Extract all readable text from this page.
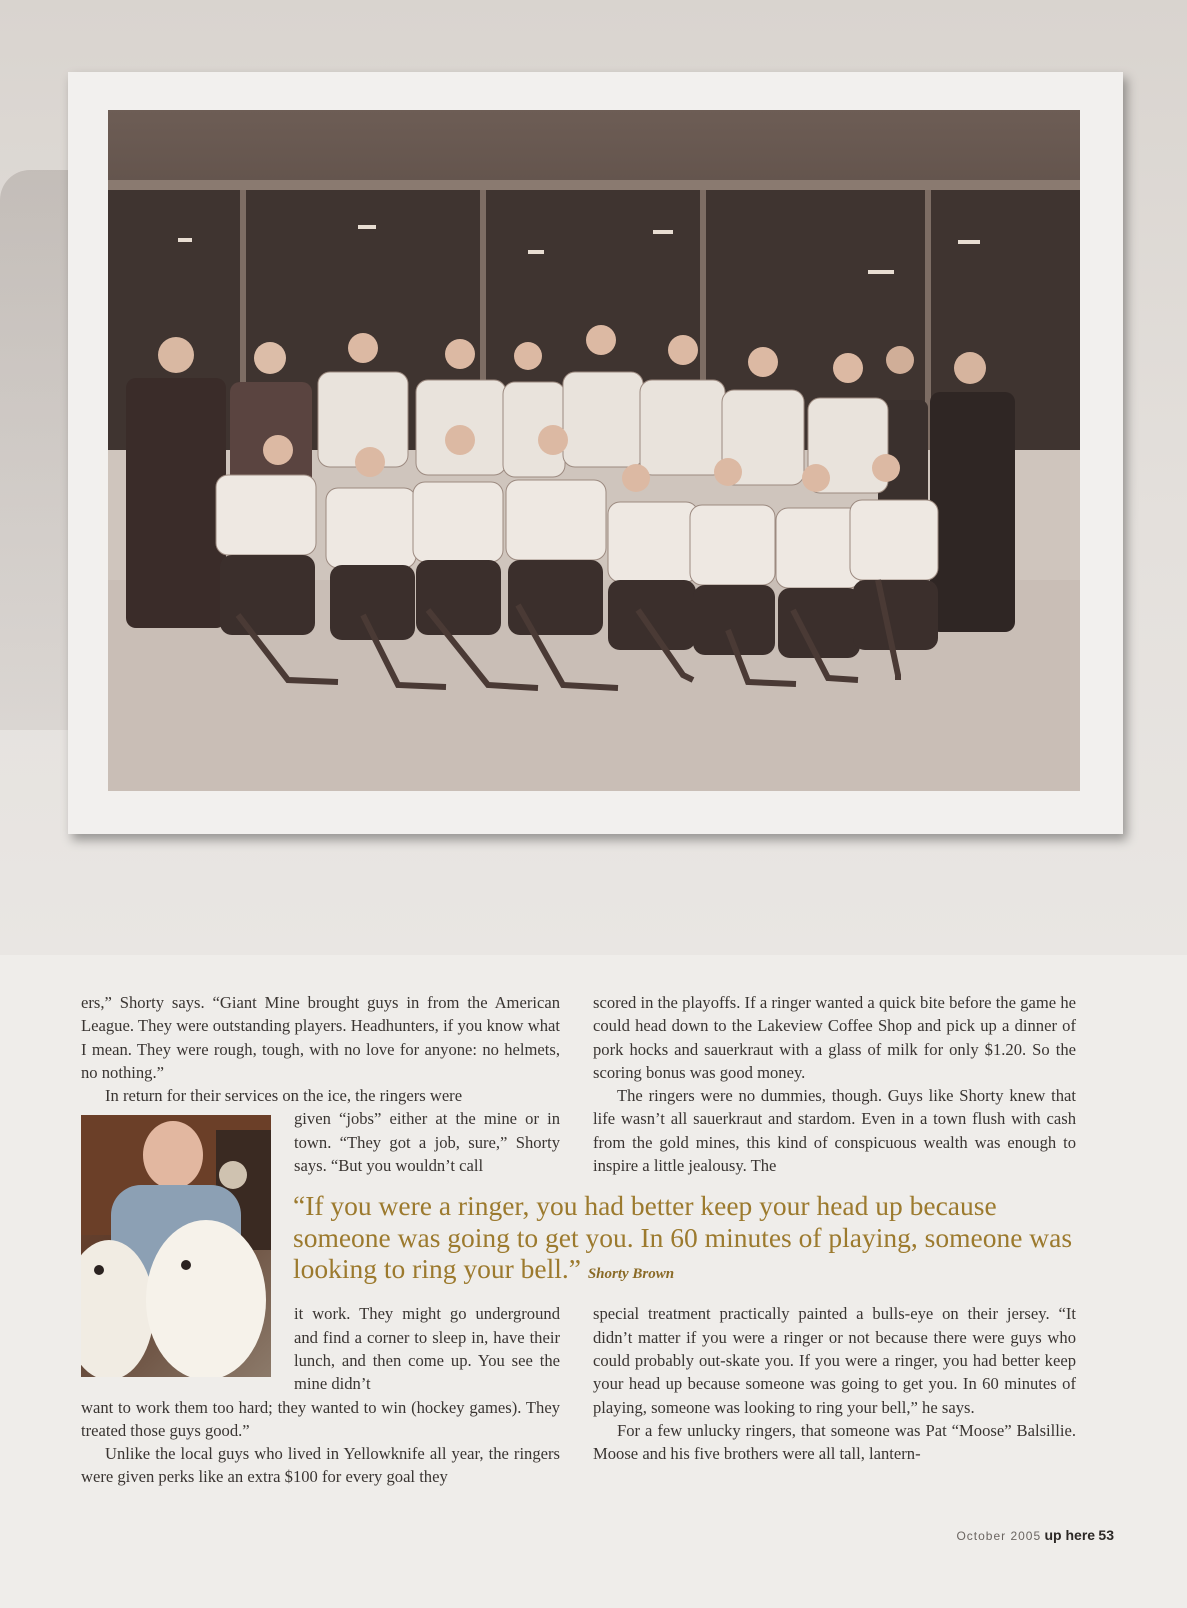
ers,” Shorty says. “Giant Mine brought guys in from the American League. They were outstanding players. Headhunters, if you know what I mean. They were rough, tough, with no love for anyone: no helmets, no nothing.”

In return for their services on the ice, the ringers were

given “jobs” either at the mine or in town. “They got a job, sure,” Shorty says. “But you wouldn’t call

it work. They might go underground and find a corner to sleep in, have their lunch, and then come up. You see the mine didn’t

want to work them too hard; they wanted to win (hockey games). They treated those guys good.”

Unlike the local guys who lived in Yellowknife all year, the ringers were given perks like an extra $100 for every goal they

scored in the playoffs. If a ringer wanted a quick bite before the game he could head down to the Lakeview Coffee Shop and pick up a dinner of pork hocks and sauerkraut with a glass of milk for only $1.20. So the scoring bonus was good money.

The ringers were no dummies, though. Guys like Shorty knew that life wasn’t all sauerkraut and stardom. Even in a town flush with cash from the gold mines, this kind of conspicuous wealth was enough to inspire a little jealousy. The

special treatment practically painted a bulls-eye on their jersey. “It didn’t matter if you were a ringer or not because there were guys who could probably out-skate you. If you were a ringer, you had better keep your head up because someone was going to get you. In 60 minutes of playing, someone was looking to ring your bell,” he says.

For a few unlucky ringers, that someone was Pat “Moose” Balsillie. Moose and his five brothers were all tall, lantern-

“If you were a ringer, you had better keep your head up because someone was going to get you. In 60 minutes of playing, someone was looking to ring your bell.” Shorty Brown
October 2005 up here 53
